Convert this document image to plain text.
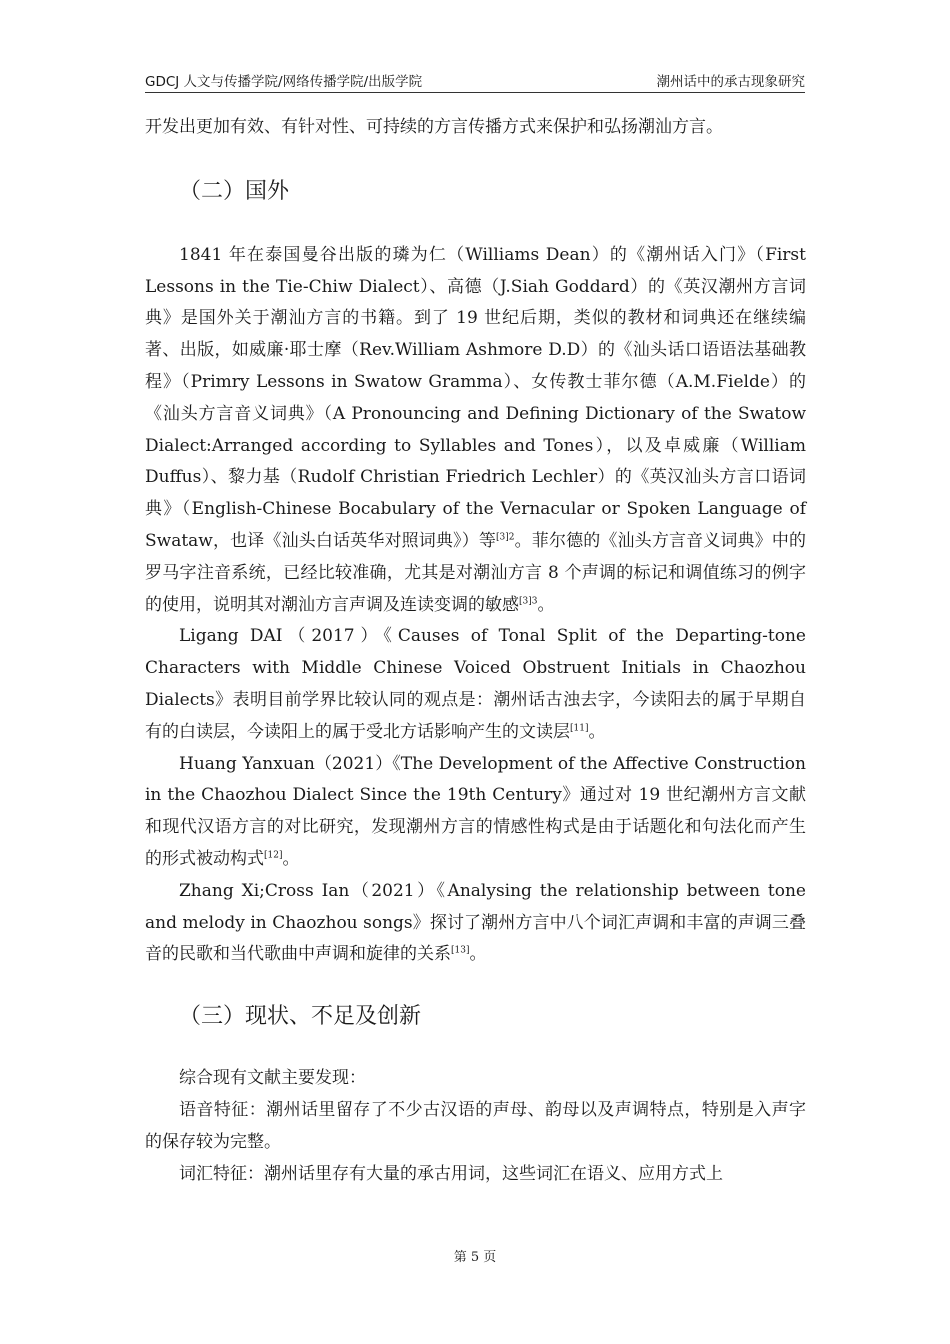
GDCJ 人文与传播学院/网络传播学院/出版学院	潮州话中的承古现象研究

开发出更加有效、有针对性、可持续的方言传播方式来保护和弘扬潮汕方言。

（二）国外

1841 年在泰国曼谷出版的璘为仁（Williams Dean）的《潮州话入门》（First Lessons in the Tie-Chiw Dialect）、高德（J.Siah Goddard）的《英汉潮州方言词典》是国外关于潮汕方言的书籍。到了 19 世纪后期，类似的教材和词典还在继续编著、出版，如威廉·耶士摩（Rev.William Ashmore D.D）的《汕头话口语语法基础教程》（Primry Lessons in Swatow Gramma）、女传教士菲尔德（A.M.Fielde）的《汕头方言音义词典》（A Pronouncing and Defining Dictionary of the Swatow Dialect:Arranged according to Syllables and Tones），以及卓威廉（William Duffus）、黎力基（Rudolf Christian Friedrich Lechler）的《英汉汕头方言口语词典》（English-Chinese Bocabulary of the Vernacular or Spoken Language of Swataw，也译《汕头白话英华对照词典》）等$^{[3]2}$。菲尔德的《汕头方言音义词典》中的罗马字注音系统，已经比较准确，尤其是对潮汕方言 8 个声调的标记和调值练习的例字的使用，说明其对潮汕方言声调及连读变调的敏感$^{[3]3}$。

Ligang DAI（2017）《Causes of Tonal Split of the Departing-tone Characters with Middle Chinese Voiced Obstruent Initials in Chaozhou Dialects》表明目前学界比较认同的观点是：潮州话古浊去字，今读阳去的属于早期自有的白读层，今读阳上的属于受北方话影响产生的文读层[11]。

Huang Yanxuan（2021）《The Development of the Affective Construction in the Chaozhou Dialect Since the 19th Century》通过对 19 世纪潮州方言文献和现代汉语方言的对比研究，发现潮州方言的情感性构式是由于话题化和句法化而产生的形式被动构式[12]。

Zhang Xi;Cross Ian（2021）《Analysing the relationship between tone and melody in Chaozhou songs》探讨了潮州方言中八个词汇声调和丰富的声调三叠音的民歌和当代歌曲中声调和旋律的关系[13]。

（三）现状、不足及创新

综合现有文献主要发现：

语音特征：潮州话里留存了不少古汉语的声母、韵母以及声调特点，特别是入声字的保存较为完整。

词汇特征：潮州话里存有大量的承古用词，这些词汇在语义、应用方式上

第 5 页
